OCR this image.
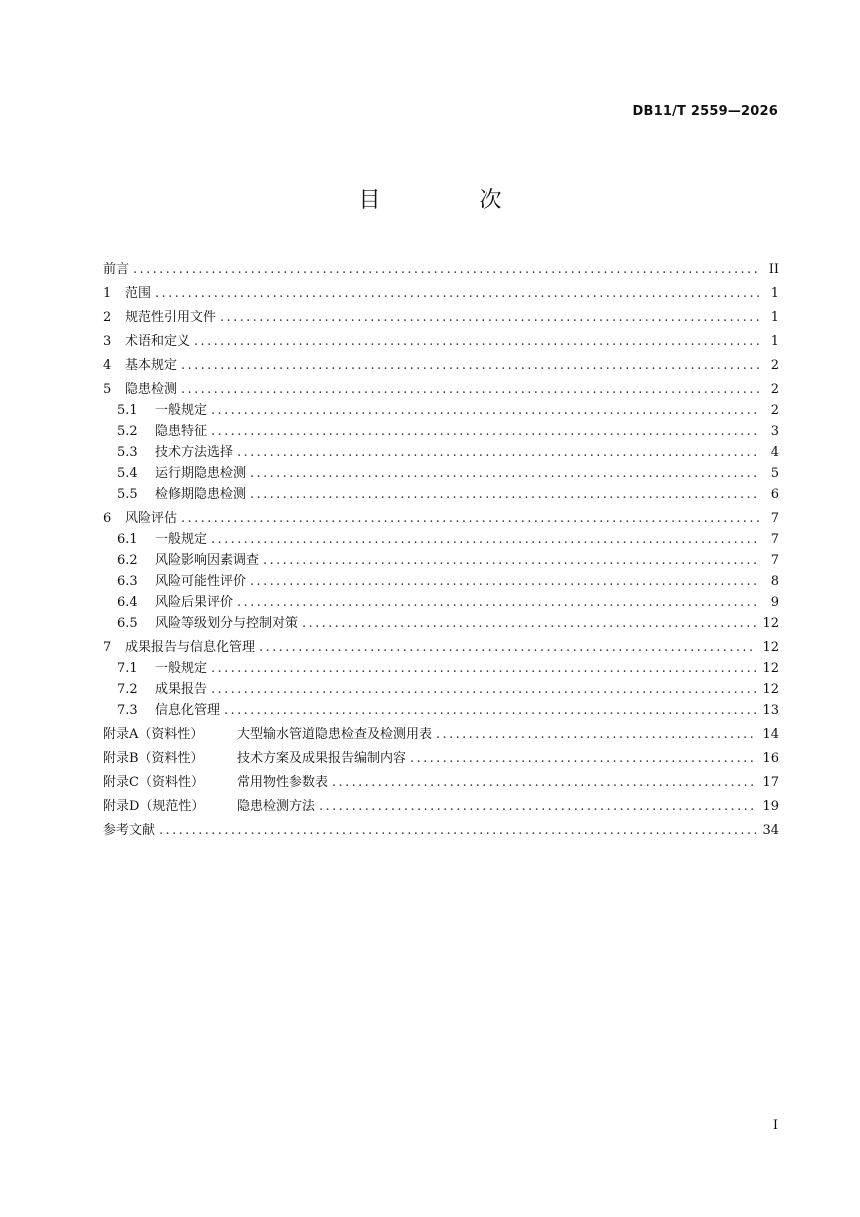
DB11/T 2559—2026
目 次
前言 .....	II
1	范围 .....	1
2	规范性引用文件 .....	1
3	术语和定义 .....	1
4	基本规定 .....	2
5	隐患检测 .....	2
5.1	一般规定 .....	2
5.2	隐患特征 .....	3
5.3	技术方法选择 .....	4
5.4	运行期隐患检测 .....	5
5.5	检修期隐患检测 .....	6
6	风险评估 .....	7
6.1	一般规定 .....	7
6.2	风险影响因素调查 .....	7
6.3	风险可能性评价 .....	8
6.4	风险后果评价 .....	9
6.5	风险等级划分与控制对策 .....	12
7	成果报告与信息化管理 .....	12
7.1	一般规定 .....	12
7.2	成果报告 .....	12
7.3	信息化管理 .....	13
附录A（资料性）	大型输水管道隐患检查及检测用表 .....	14
附录B（资料性）	技术方案及成果报告编制内容 .....	16
附录C（资料性）	常用物性参数表 .....	17
附录D（规范性）	隐患检测方法 .....	19
参考文献 .....	34
I
